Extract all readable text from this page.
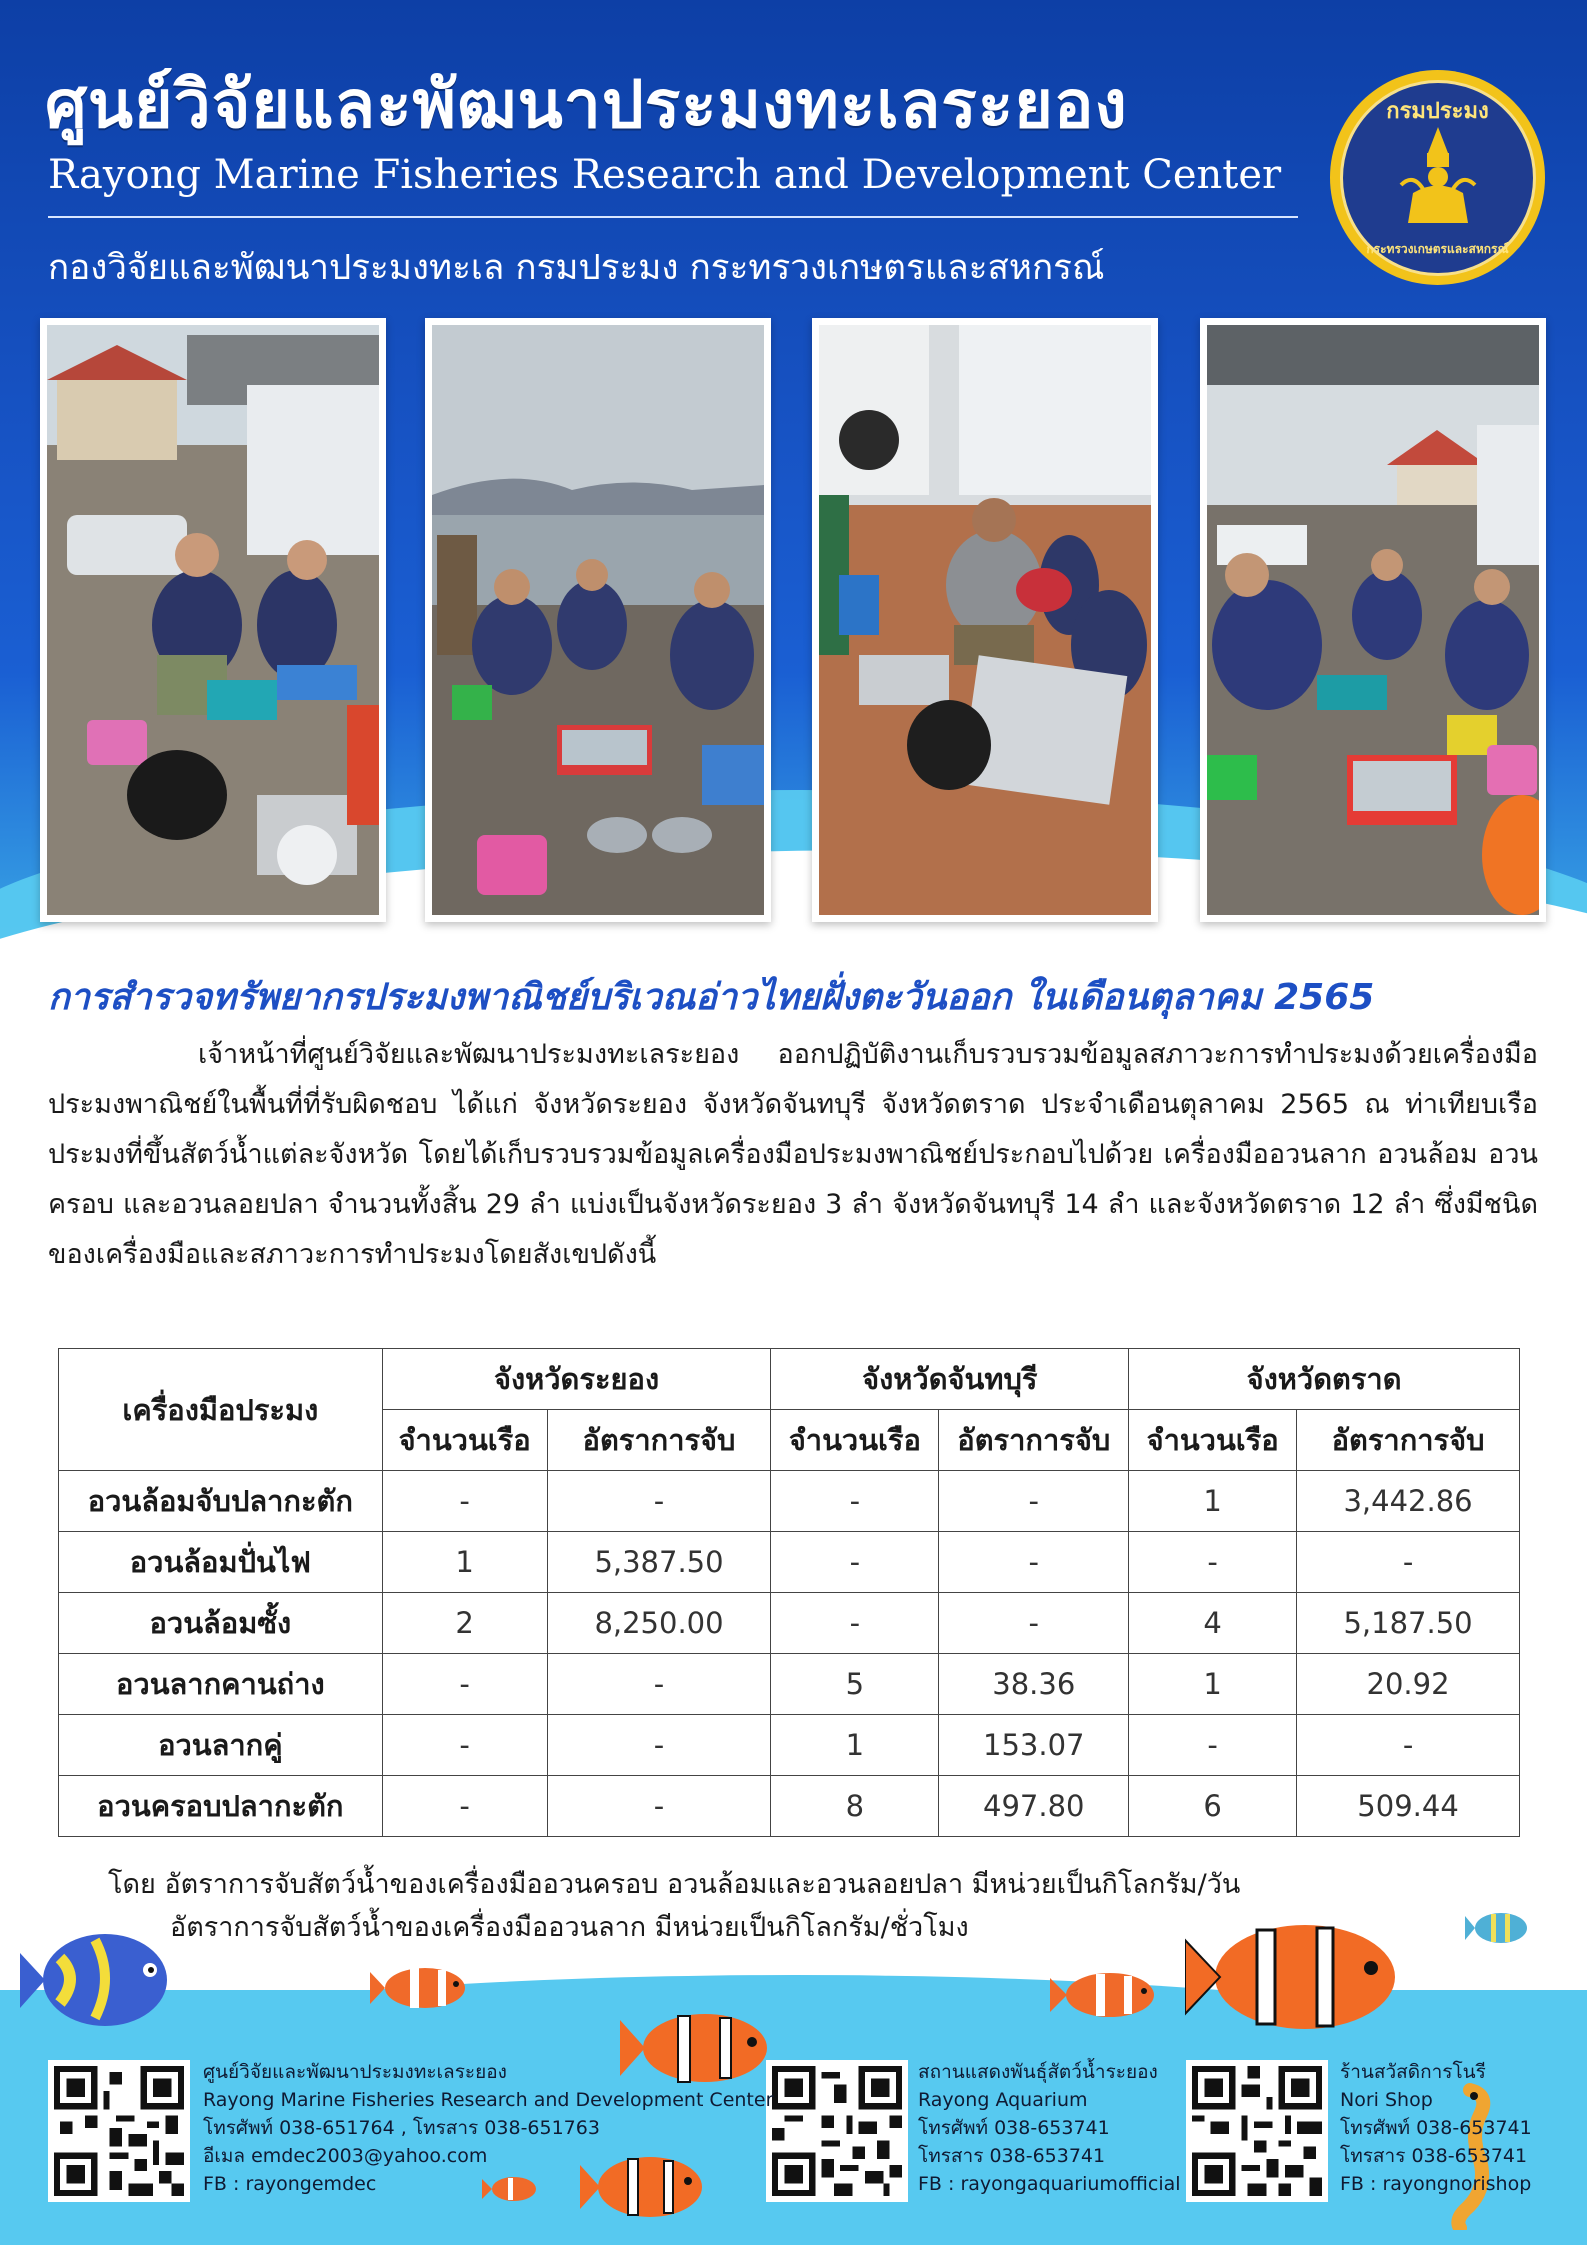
ศูนย์วิจัยและพัฒนาประมงทะเลระยอง
Rayong Marine Fisheries Research and Development Center
กองวิจัยและพัฒนาประมงทะเล กรมประมง กระทรวงเกษตรและสหกรณ์
กรมประมง
กระทรวงเกษตรและสหกรณ์
การสำรวจทรัพยากรประมงพาณิชย์บริเวณอ่าวไทยฝั่งตะวันออก ในเดือนตุลาคม 2565
เจ้าหน้าที่ศูนย์วิจัยและพัฒนาประมงทะเลระยอง ออกปฏิบัติงานเก็บรวบรวมข้อมูลสภาวะการทำประมงด้วยเครื่องมือประมงพาณิชย์ในพื้นที่ที่รับผิดชอบ ได้แก่ จังหวัดระยอง จังหวัดจันทบุรี จังหวัดตราด ประจำเดือนตุลาคม 2565 ณ ท่าเทียบเรือประมงที่ขึ้นสัตว์น้ำแต่ละจังหวัด โดยได้เก็บรวบรวมข้อมูลเครื่องมือประมงพาณิชย์ประกอบไปด้วย เครื่องมืออวนลาก อวนล้อม อวนครอบ และอวนลอยปลา จำนวนทั้งสิ้น 29 ลำ แบ่งเป็นจังหวัดระยอง 3 ลำ จังหวัดจันทบุรี 14 ลำ และจังหวัดตราด 12 ลำ ซึ่งมีชนิดของเครื่องมือและสภาวะการทำประมงโดยสังเขปดังนี้
เครื่องมือประมง	จังหวัดระยอง		จังหวัดจันทบุรี		จังหวัดตราด	
	จำนวนเรือ	อัตราการจับ	จำนวนเรือ	อัตราการจับ	จำนวนเรือ	อัตราการจับ
อวนล้อมจับปลากะตัก	-	-	-	-	1	3,442.86
อวนล้อมปั่นไฟ	1	5,387.50	-	-	-	-
อวนล้อมซั้ง	2	8,250.00	-	-	4	5,187.50
อวนลากคานถ่าง	-	-	5	38.36	1	20.92
อวนลากคู่	-	-	1	153.07	-	-
อวนครอบปลากะตัก	-	-	8	497.80	6	509.44
โดย อัตราการจับสัตว์น้ำของเครื่องมืออวนครอบ อวนล้อมและอวนลอยปลา มีหน่วยเป็นกิโลกรัม/วัน
อัตราการจับสัตว์น้ำของเครื่องมืออวนลาก มีหน่วยเป็นกิโลกรัม/ชั่วโมง
ศูนย์วิจัยและพัฒนาประมงทะเลระยอง
Rayong Marine Fisheries Research and Development Center
โทรศัพท์ 038-651764 , โทรสาร 038-651763
อีเมล emdec2003@yahoo.com
FB : rayongemdec
สถานแสดงพันธุ์สัตว์น้ำระยอง
Rayong Aquarium
โทรศัพท์ 038-653741
โทรสาร 038-653741
FB : rayongaquariumofficial
ร้านสวัสดิการโนรี
Nori Shop
โทรศัพท์ 038-653741
โทรสาร 038-653741
FB : rayongnorishop
